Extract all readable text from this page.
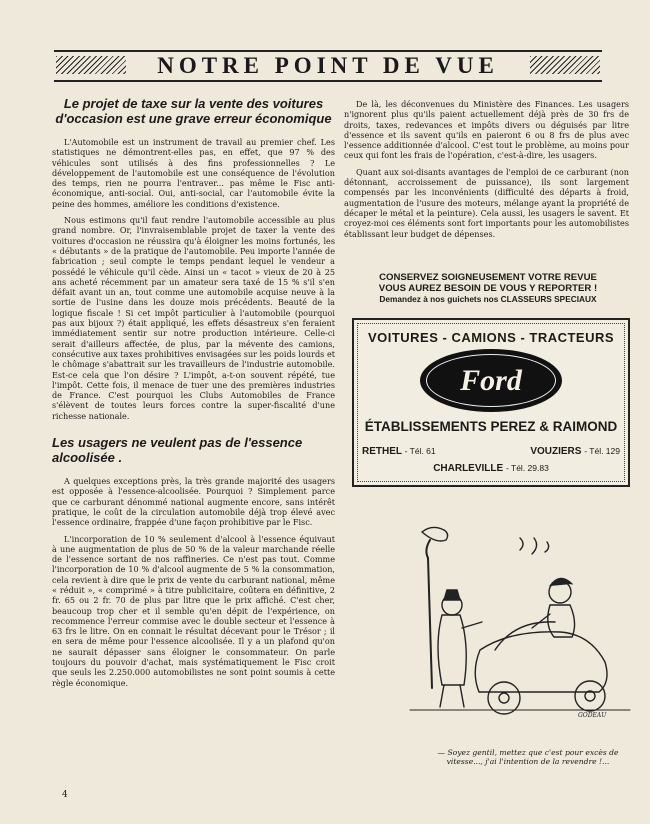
NOTRE POINT DE VUE
Le projet de taxe sur la vente des voitures d'occasion est une grave erreur économique

L'Automobile est un instrument de travail au premier chef. Les statistiques ne démontrent-elles pas, en effet, que 97 % des véhicules sont utilisés à des fins professionnelles ? Le développement de l'automobile est une conséquence de l'évolution des temps, rien ne pourra l'entraver... pas même le Fisc anti-économique, anti-social. Oui, anti-social, car l'automobile évite la peine des hommes, améliore les conditions d'existence.

Nous estimons qu'il faut rendre l'automobile accessible au plus grand nombre. Or, l'invraisemblable projet de taxer la vente des voitures d'occasion ne réussira qu'à éloigner les moins fortunés, les « débutants » de la pratique de l'automobile. Peu importe l'année de fabrication ; seul compte le temps pendant lequel le vendeur a possédé le véhicule qu'il cède. Ainsi un « tacot » vieux de 20 à 25 ans acheté récemment par un amateur sera taxé de 15 % s'il s'en défait avant un an, tout comme une automobile acquise neuve à la sortie de l'usine dans les douze mois précédents. Beauté de la logique fiscale ! Si cet impôt particulier à l'automobile (pourquoi pas aux bijoux ?) était appliqué, les effets désastreux s'en feraient immédiatement sentir sur notre production intérieure. Celle-ci serait d'ailleurs affectée, de plus, par la mévente des camions, consécutive aux taxes prohibitives envisagées sur les poids lourds et le chômage s'abattrait sur les travailleurs de l'industrie automobile. Est-ce cela que l'on désire ? L'impôt, a-t-on souvent répété, tue l'impôt. Cette fois, il menace de tuer une des premières industries de France. C'est pourquoi les Clubs Automobiles de France s'élèvent de toutes leurs forces contre la super-fiscalité d'une richesse nationale.

Les usagers ne veulent pas de l'essence alcoolisée .

A quelques exceptions près, la très grande majorité des usagers est opposée à l'essence-alcoolisée. Pourquoi ? Simplement parce que ce carburant dénommé national augmente encore, sans intérêt pratique, le coût de la circulation automobile déjà trop élevé avec l'essence ordinaire, frappée d'une façon prohibitive par le Fisc.

L'incorporation de 10 % seulement d'alcool à l'essence équivaut à une augmentation de plus de 50 % de la valeur marchande réelle de l'essence sortant de nos raffineries. Ce n'est pas tout. Comme l'incorporation de 10 % d'alcool augmente de 5 % la consommation, cela revient à dire que le prix de vente du carburant national, même « réduit », « comprimé » à titre publicitaire, coûtera en définitive, 2 fr. 65 ou 2 fr. 70 de plus par litre que le prix affiché. C'est cher, beaucoup trop cher et il semble qu'en dépit de l'expérience, on recommence l'erreur commise avec le double secteur et l'essence à 63 frs le litre. On en connait le résultat décevant pour le Trésor ; il en sera de même pour l'essence alcoolisée. Il y a un plafond qu'on ne saurait dépasser sans éloigner le consommateur. On parle toujours du pouvoir d'achat, mais systématiquement le Fisc croit que seuls les 2.250.000 automobilistes ne sont point soumis à cette règle économique.

De là, les déconvenues du Ministère des Finances. Les usagers n'ignorent plus qu'ils paient actuellement déjà près de 30 frs de droits, taxes, redevances et impôts divers ou déguisés par litre d'essence et ils savent qu'ils en paieront 6 ou 8 frs de plus avec l'essence additionnée d'alcool. C'est tout le problème, au moins pour ceux qui font les frais de l'opération, c'est-à-dire, les usagers.

Quant aux soi-disants avantages de l'emploi de ce carburant (non détonnant, accroissement de puissance), ils sont largement compensés par les inconvénients (difficulté des départs à froid, augmentation de l'usure des moteurs, mélange ayant la propriété de décaper le métal et la peinture). Cela aussi, les usagers le savent. Et croyez-moi ces éléments sont fort importants pour les automobilistes établissant leur budget de dépenses.

CONSERVEZ SOIGNEUSEMENT VOTRE REVUE
VOUS AUREZ BESOIN DE VOUS Y REPORTER !
Demandez à nos guichets nos CLASSEURS SPECIAUX
VOITURES - CAMIONS - TRACTEURS
Ford
ÉTABLISSEMENTS PEREZ & RAIMOND
RETHEL - Tél. 61	VOUZIERS - Tél. 129
CHARLEVILLE - Tél. 29.83
GODEAU
— Soyez gentil, mettez que c'est pour excès de vitesse..., j'ai l'intention de la revendre !...
4
